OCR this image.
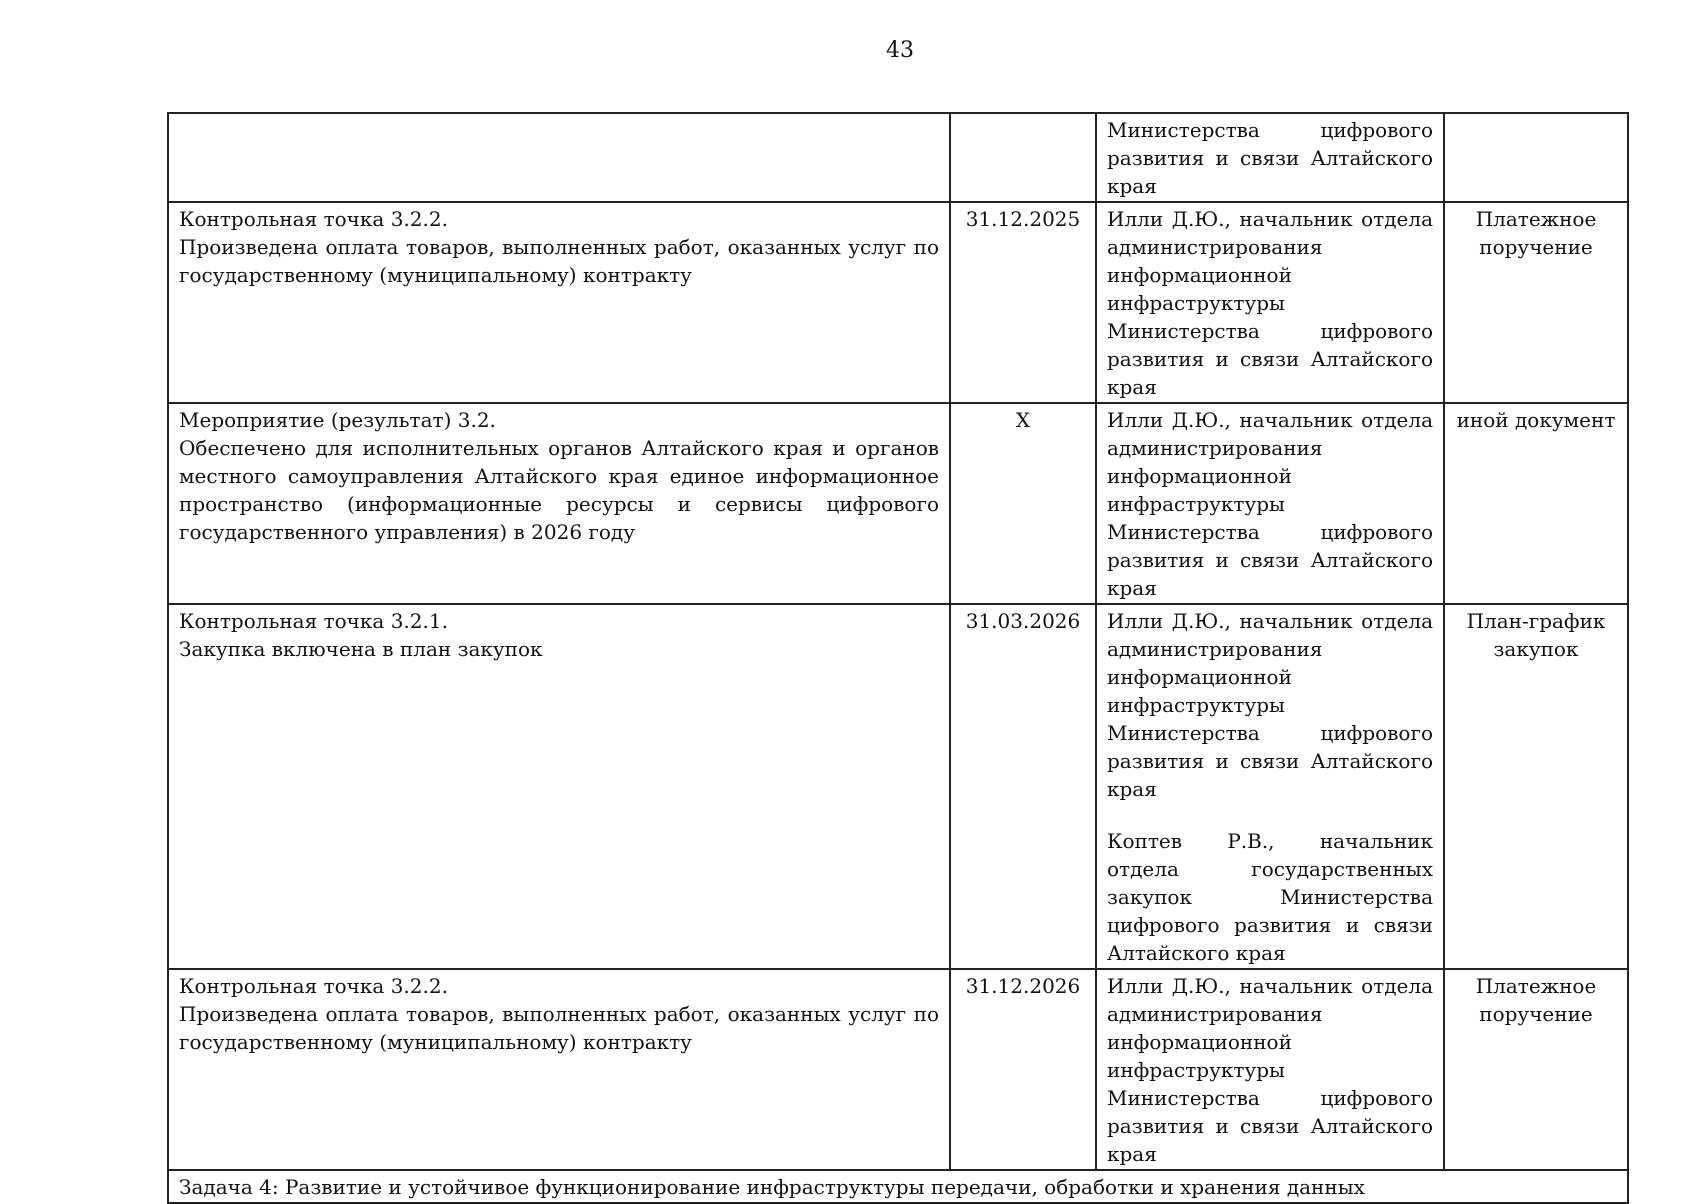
43

		Министерства цифрового развития и связи Алтайского края	

Контрольная точка 3.2.2.
Произведена оплата товаров, выполненных работ, оказанных услуг по государственному (муниципальному) контракту	31.12.2025	Илли Д.Ю., начальник отдела администрирования информационной инфраструктуры Министерства цифрового развития и связи Алтайского края	Платежное поручение

Мероприятие (результат) 3.2.
Обеспечено для исполнительных органов Алтайского края и органов местного самоуправления Алтайского края единое информационное пространство (информационные ресурсы и сервисы цифрового государственного управления) в 2026 году	X	Илли Д.Ю., начальник отдела администрирования информационной инфраструктуры Министерства цифрового развития и связи Алтайского края	иной документ

Контрольная точка 3.2.1.
Закупка включена в план закупок	31.03.2026	Илли Д.Ю., начальник отдела администрирования информационной инфраструктуры Министерства цифрового развития и связи Алтайского края
Коптев Р.В., начальник отдела государственных закупок Министерства цифрового развития и связи Алтайского края	План-график закупок

Контрольная точка 3.2.2.
Произведена оплата товаров, выполненных работ, оказанных услуг по государственному (муниципальному) контракту	31.12.2026	Илли Д.Ю., начальник отдела администрирования информационной инфраструктуры Министерства цифрового развития и связи Алтайского края	Платежное поручение
Задача 4: Развитие и устойчивое функционирование инфраструктуры передачи, обработки и хранения данных			
